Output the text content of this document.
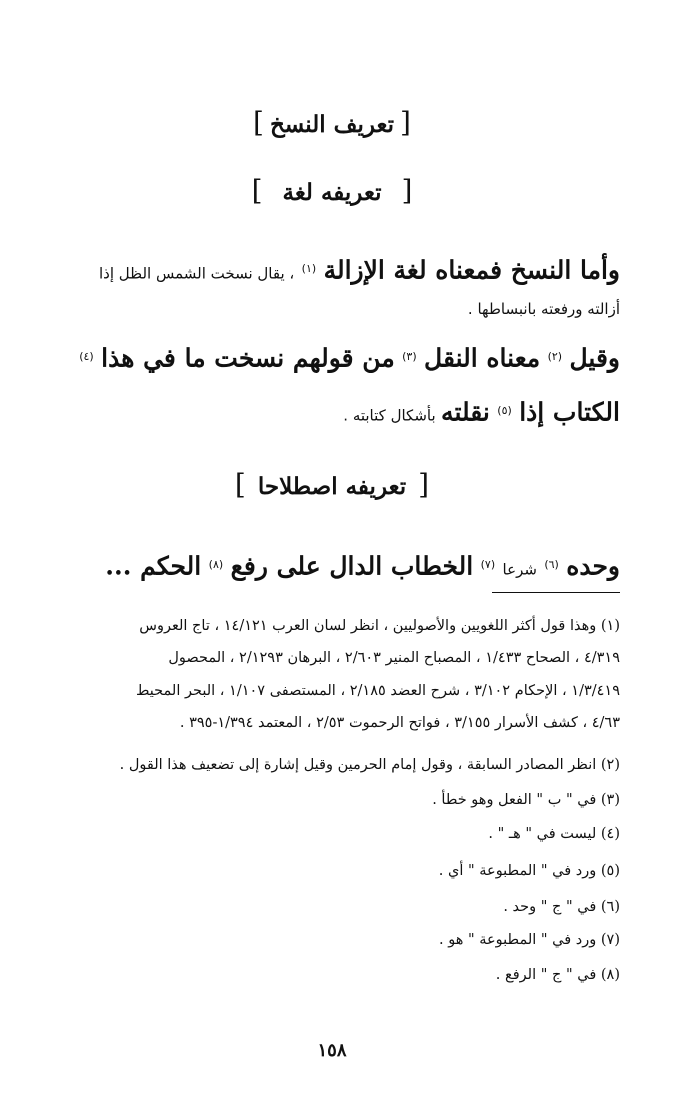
[تعريف النسخ]
[تعريفه لغة]
وأما النسخ فمعناه لغة الإزالة $^{(١)}$ ، يقال نسخت الشمس الظل إذا
أزالته ورفعته بانبساطها .
وقيل $^{(٢)}$ معناه النقل $^{(٣)}$ من قولهم نسخت ما في هذا $^{(٤)}$
الكتاب إذا $^{(٥)}$ نقلته بأشكال كتابته .
[تعريفه اصطلاحا]
وحده $^{(٦)}$ شرعا $^{(٧)}$ الخطاب الدال على رفع $^{(٨)}$ الحكم ...
(١) وهذا قول أكثر اللغويين والأصوليين ، انظر لسان العرب ١٤/١٢١ ، تاج العروس
٤/٣١٩ ، الصحاح ١/٤٣٣ ، المصباح المنير ٢/٦٠٣ ، البرهان ٢/١٢٩٣ ، المحصول
١/٣/٤١٩ ، الإحكام ٣/١٠٢ ، شرح العضد ٢/١٨٥ ، المستصفى ١/١٠٧ ، البحر المحيط
٤/٦٣ ، كشف الأسرار ٣/١٥٥ ، فواتح الرحموت ٢/٥٣ ، المعتمد ١/٣٩٤-٣٩٥ .
(٢) انظر المصادر السابقة ، وقول إمام الحرمين وقيل إشارة إلى تضعيف هذا القول .
(٣) في " ب " الفعل وهو خطأ .
(٤) ليست في " هـ " .
(٥) ورد في " المطبوعة " أي .
(٦) في " ج " وحد .
(٧) ورد في " المطبوعة " هو .
(٨) في " ج " الرفع .
١٥٨
